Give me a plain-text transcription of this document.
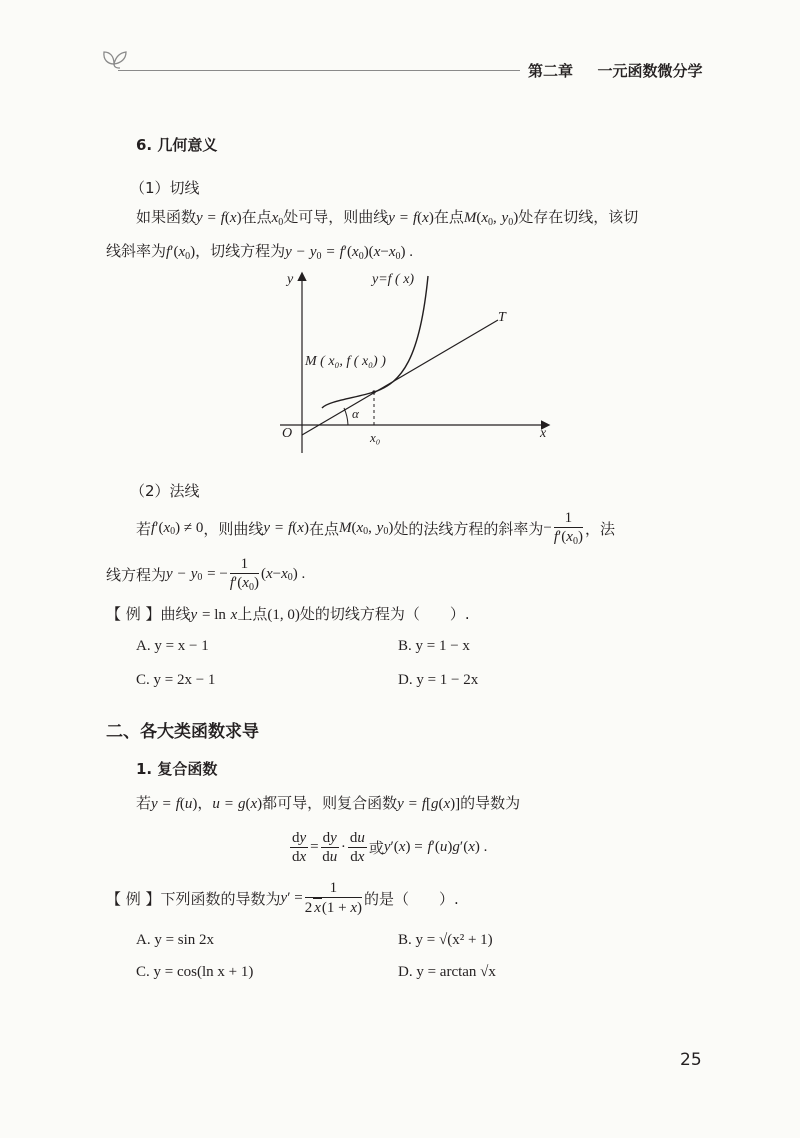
第二章 一元函数微分学
6. 几何意义
（1）切线
如果函数y = f(x)在点$x_0$处可导，则曲线y = f(x)在点$M(x_0$, $y_0$)处存在切线，该切
线斜率为$f'(x_0)$，切线方程为$y - y_0 = f'(x_0)(x-x_0)$ .
y	y=f ( x)
T
M ( x₀, f ( x₀) )
α
O	x
x₀
（2）法线
若 f ′( x 0 ) ≠ 0 ，则曲线 y
=
f ( x ) 在点 M ( x 0 ,
y 0 ) 处的法线方程的斜率为 − $\frac{1}{f'(x_0)}$ ，法
线方程为 y
−
y 0
= − $\frac{1}{f'(x_0)}$ ( x − x 0 ) .
【 例 】曲线y = ln x上点(1, 0)处的切线方程为（　　）.
A. y = x − 1	B. y = 1 − x
C. y = 2x − 1	D. y = 1 − 2x
二、各大类函数求导
1. 复合函数
若y = f(u)，u = g(x)都可导，则复合函数y = f[g(x)]的导数为
$\frac{dy}{dx} = \frac{dy}{du} \cdot \frac{du}{dx}$ 或 y ′( x ) =
f ′( u ) g ′( x ) .
【 例 】下列函数的导数为 y ′ = $\frac{1}{2 x(1 + x)}$ 的是（　　）.
A. y = sin 2x	B. y = √(x² + 1)
C. y = cos(ln x + 1)	D. y = arctan √x
25
